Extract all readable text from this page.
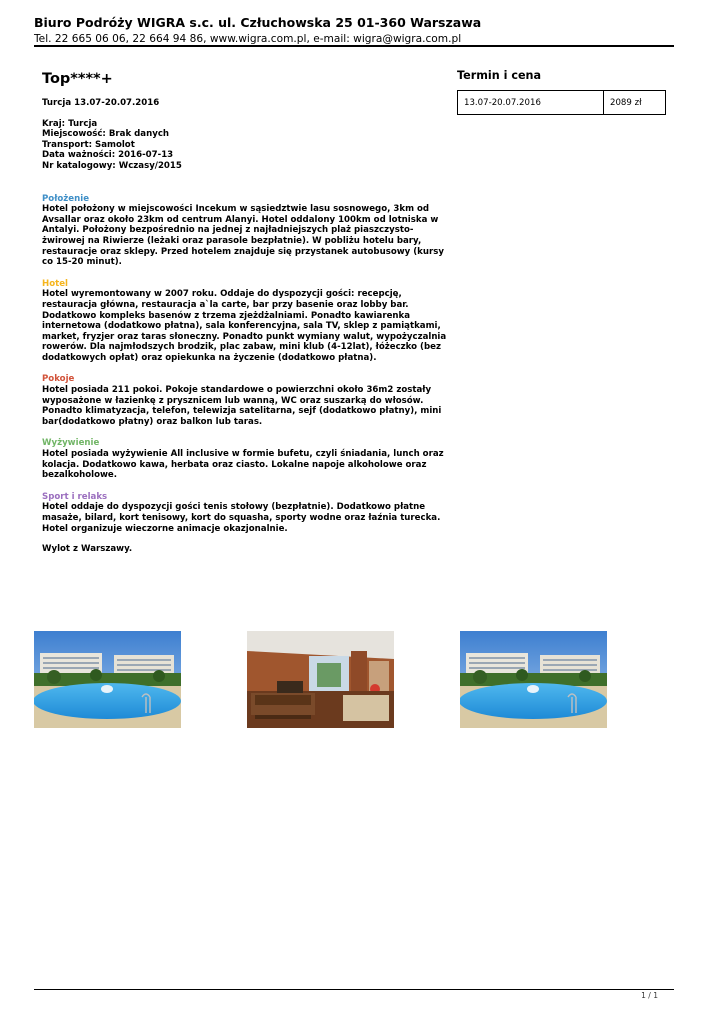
Biuro Podróży WIGRA s.c. ul. Człuchowska 25 01-360 Warszawa
Tel. 22 665 06 06, 22 664 94 86, www.wigra.com.pl, e-mail: wigra@wigra.com.pl
Top****+
Turcja 13.07-20.07.2016
Kraj: Turcja
Miejscowość: Brak danych
Transport: Samolot
Data ważności: 2016-07-13
Nr katalogowy: Wczasy/2015
Położenie
Hotel położony w miejscowości Incekum w sąsiedztwie lasu sosnowego, 3km od Avsallar oraz około 23km od centrum Alanyi. Hotel oddalony 100km od lotniska w Antalyi. Położony bezpośrednio na jednej z najładniejszych plaż piaszczysto-żwirowej na Riwierze (leżaki oraz parasole bezpłatnie). W pobliżu hotelu bary, restauracje oraz sklepy. Przed hotelem znajduje się przystanek autobusowy (kursy co 15-20 minut).
Hotel
Hotel wyremontowany w 2007 roku. Oddaje do dyspozycji gości: recepcję, restauracja główna, restauracja a`la carte, bar przy basenie oraz lobby bar. Dodatkowo kompleks basenów z trzema zjeżdżalniami. Ponadto kawiarenka internetowa (dodatkowo płatna), sala konferencyjna, sala TV, sklep z pamiątkami, market, fryzjer oraz taras słoneczny. Ponadto punkt wymiany walut, wypożyczalnia rowerów. Dla najmłodszych brodzik, plac zabaw, mini klub (4-12lat), łóżeczko (bez dodatkowych opłat) oraz opiekunka na życzenie (dodatkowo płatna).
Pokoje
Hotel posiada 211 pokoi. Pokoje standardowe o powierzchni około 36m2 zostały wyposażone w łazienkę z prysznicem lub wanną, WC oraz suszarką do włosów. Ponadto klimatyzacja, telefon, telewizja satelitarna, sejf (dodatkowo płatny), mini bar(dodatkowo płatny) oraz balkon lub taras.
Wyżywienie
Hotel posiada wyżywienie All inclusive w formie bufetu, czyli śniadania, lunch oraz kolacja. Dodatkowo kawa, herbata oraz ciasto. Lokalne napoje alkoholowe oraz bezalkoholowe.
Sport i relaks
Hotel oddaje do dyspozycji gości tenis stołowy (bezpłatnie). Dodatkowo płatne masaże, bilard, kort tenisowy, kort do squasha, sporty wodne oraz łaźnia turecka. Hotel organizuje wieczorne animacje okazjonalnie.
Wylot z Warszawy.
Termin i cena
13.07-20.07.2016	2089 zł
1 / 1
